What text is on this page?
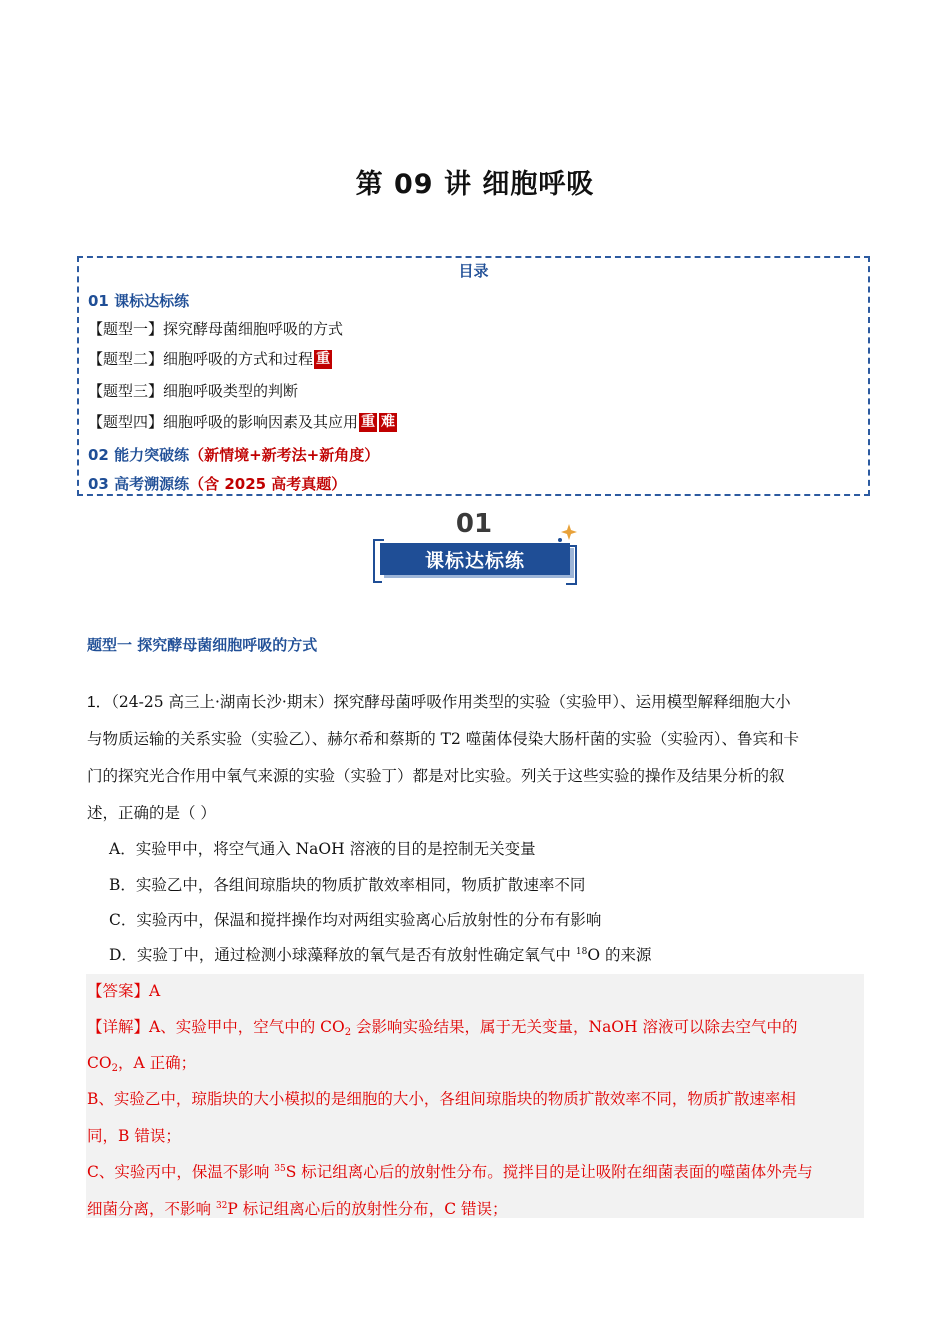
第 09 讲 细胞呼吸
目录
01 课标达标练
【题型一】探究酵母菌细胞呼吸的方式
【题型二】细胞呼吸的方式和过程 重
【题型三】细胞呼吸类型的判断
【题型四】细胞呼吸的影响因素及其应用 重 难
02 能力突破练（新情境+新考法+新角度）
03 高考溯源练（含 2025 高考真题）
01
课标达标练
题型一 探究酵母菌细胞呼吸的方式
1．（24-25 高三上·湖南长沙·期末）探究酵母菌呼吸作用类型的实验（实验甲）、运用模型解释细胞大小
与物质运输的关系实验（实验乙）、赫尔希和蔡斯的 T2 噬菌体侵染大肠杆菌的实验（实验丙）、鲁宾和卡
门的探究光合作用中氧气来源的实验（实验丁）都是对比实验。列关于这些实验的操作及结果分析的叙
述，正确的是（ ）
A．实验甲中，将空气通入 NaOH 溶液的目的是控制无关变量
B．实验乙中，各组间琼脂块的物质扩散效率相同，物质扩散速率不同
C．实验丙中，保温和搅拌操作均对两组实验离心后放射性的分布有影响
D．实验丁中，通过检测小球藻释放的氧气是否有放射性确定氧气中 $^{18}$O 的来源
【答案】A
【详解】A、实验甲中，空气中的 $CO_2$ 会影响实验结果，属于无关变量，NaOH 溶液可以除去空气中的
$CO_2$，A 正确；
B、实验乙中，琼脂块的大小模拟的是细胞的大小，各组间琼脂块的物质扩散效率不同，物质扩散速率相
同，B 错误；
C、实验丙中，保温不影响 $^{35}$S 标记组离心后的放射性分布。搅拌目的是让吸附在细菌表面的噬菌体外壳与
细菌分离，不影响 $^{32}$P 标记组离心后的放射性分布，C 错误；
